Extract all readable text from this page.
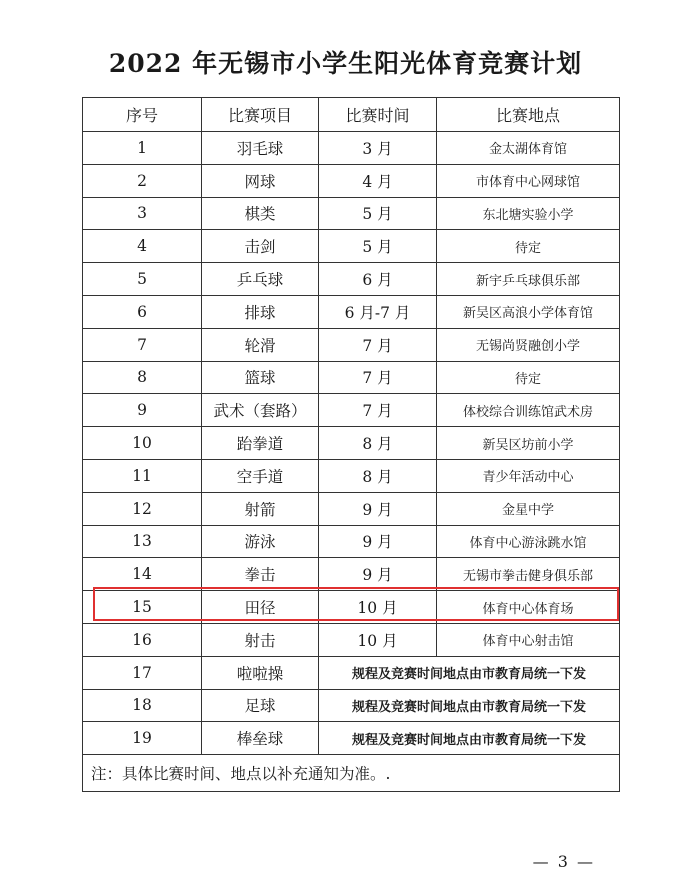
2022 年无锡市小学生阳光体育竞赛计划
序号	比赛项目	比赛时间	比赛地点
1	羽毛球	3 月	金太湖体育馆
2	网球	4 月	市体育中心网球馆
3	棋类	5 月	东北塘实验小学
4	击剑	5 月	待定
5	乒乓球	6 月	新宇乒乓球俱乐部
6	排球	6 月-7 月	新吴区高浪小学体育馆
7	轮滑	7 月	无锡尚贤融创小学
8	篮球	7 月	待定
9	武术（套路）	7 月	体校综合训练馆武术房
10	跆拳道	8 月	新吴区坊前小学
11	空手道	8 月	青少年活动中心
12	射箭	9 月	金星中学
13	游泳	9 月	体育中心游泳跳水馆
14	拳击	9 月	无锡市拳击健身俱乐部
15	田径	10 月	体育中心体育场
16	射击	10 月	体育中心射击馆
17	啦啦操	规程及竞赛时间地点由市教育局统一下发	
18	足球	规程及竞赛时间地点由市教育局统一下发	
19	棒垒球	规程及竞赛时间地点由市教育局统一下发	
注：具体比赛时间、地点以补充通知为准。.			
— 3 —
